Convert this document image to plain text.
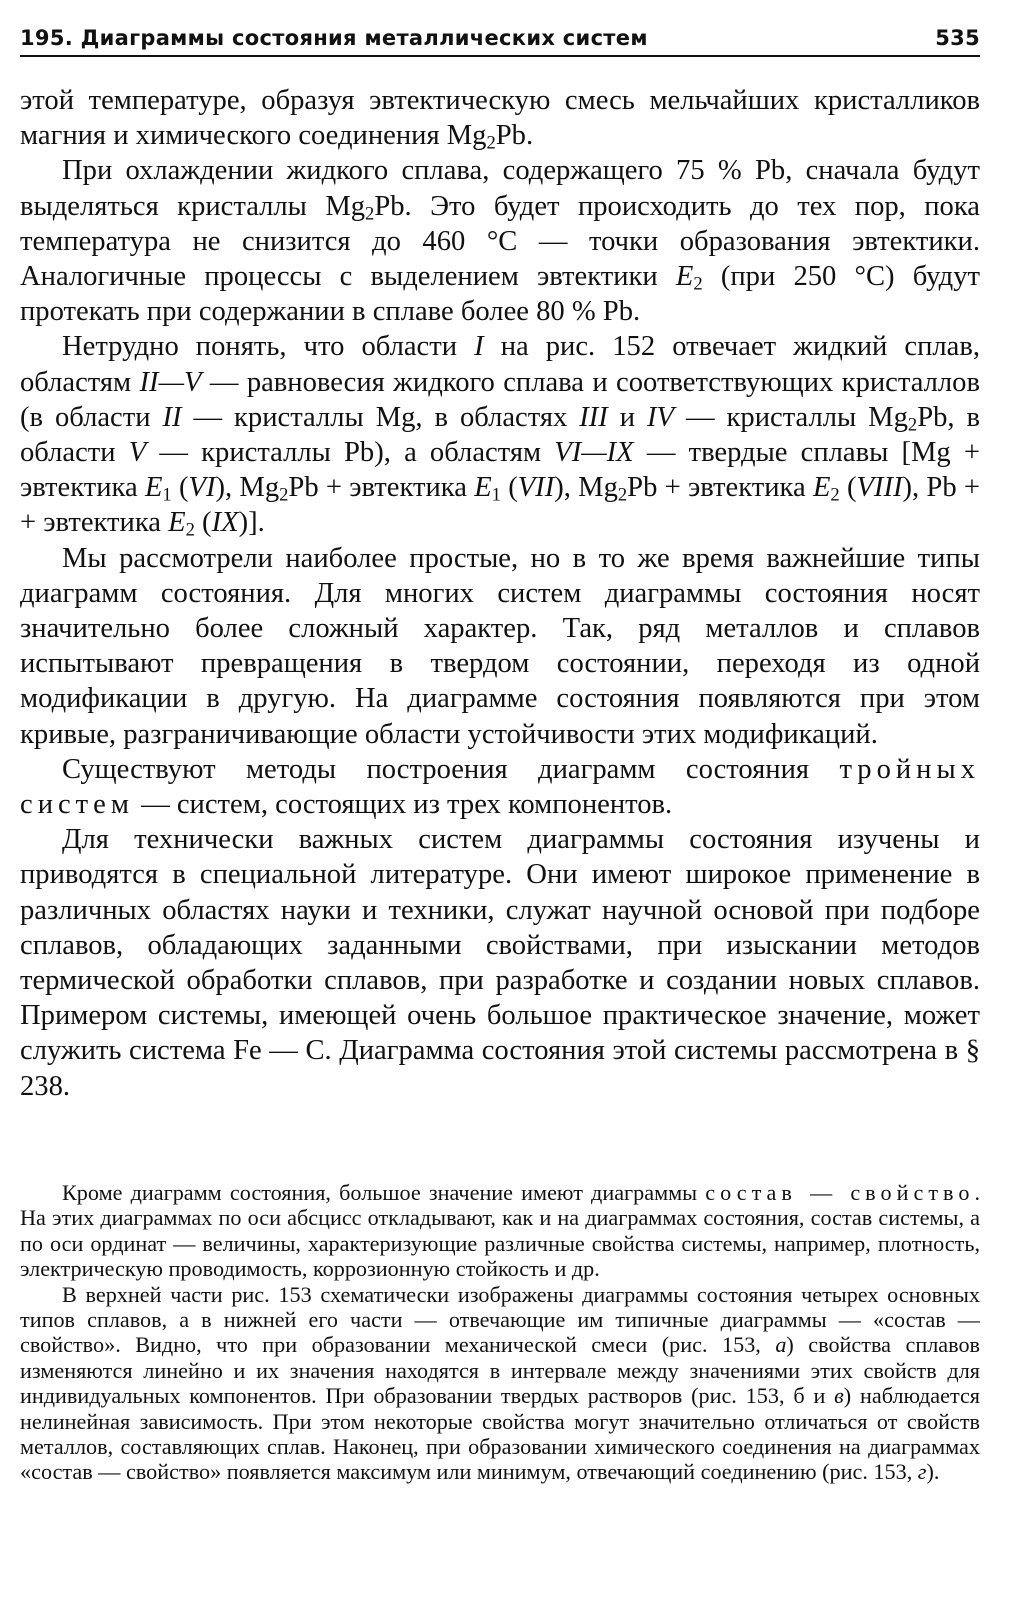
195. Диаграммы состояния металлических систем	535

этой температуре, образуя эвтектическую смесь мельчайших кристалликов магния и химического соединения $Mg_2Pb$.

При охлаждении жидкого сплава, содержащего 75 % Pb, сначала будут выделяться кристаллы $Mg_2Pb$. Это будет происходить до тех пор, пока температура не снизится до 460 °C — точки образования эвтектики. Аналогичные процессы с выделением эвтектики $E_2$ (при 250 °C) будут протекать при содержании в сплаве более 80 % Pb.

Нетрудно понять, что области I на рис. 152 отвечает жидкий сплав, областям II—V — равновесия жидкого сплава и соответствующих кристаллов (в области II — кристаллы Mg, в областях III и IV — кристаллы $Mg_2Pb$, в области V — кристаллы Pb), а областям VI—IX — твердые сплавы [Mg + эвтектика $E_1$ (VI), $Mg_2Pb$ + эвтектика $E_1$ (VII), $Mg_2Pb$ + эвтектика $E_2$ (VIII), Pb + + эвтектика $E_2$ (IX)].

Мы рассмотрели наиболее простые, но в то же время важнейшие типы диаграмм состояния. Для многих систем диаграммы состояния носят значительно более сложный характер. Так, ряд металлов и сплавов испытывают превращения в твердом состоянии, переходя из одной модификации в другую. На диаграмме состояния появляются при этом кривые, разграничивающие области устойчивости этих модификаций.

Существуют методы построения диаграмм состояния тройных систем — систем, состоящих из трех компонентов.

Для технически важных систем диаграммы состояния изучены и приводятся в специальной литературе. Они имеют широкое применение в различных областях науки и техники, служат научной основой при подборе сплавов, обладающих заданными свойствами, при изыскании методов термической обработки сплавов, при разработке и создании новых сплавов. Примером системы, имеющей очень большое практическое значение, может служить система Fe — C. Диаграмма состояния этой системы рассмотрена в § 238.

Кроме диаграмм состояния, большое значение имеют диаграммы состав — свойство. На этих диаграммах по оси абсцисс откладывают, как и на диаграммах состояния, состав системы, а по оси ординат — величины, характеризующие различные свойства системы, например, плотность, электрическую проводимость, коррозионную стойкость и др.

В верхней части рис. 153 схематически изображены диаграммы состояния четырех основных типов сплавов, а в нижней его части — отвечающие им типичные диаграммы — «состав — свойство». Видно, что при образовании механической смеси (рис. 153, а) свойства сплавов изменяются линейно и их значения находятся в интервале между значениями этих свойств для индивидуальных компонентов. При образовании твердых растворов (рис. 153, б и в) наблюдается нелинейная зависимость. При этом некоторые свойства могут значительно отличаться от свойств металлов, составляющих сплав. Наконец, при образовании химического соединения на диаграммах «состав — свойство» появляется максимум или минимум, отвечающий соединению (рис. 153, г).
